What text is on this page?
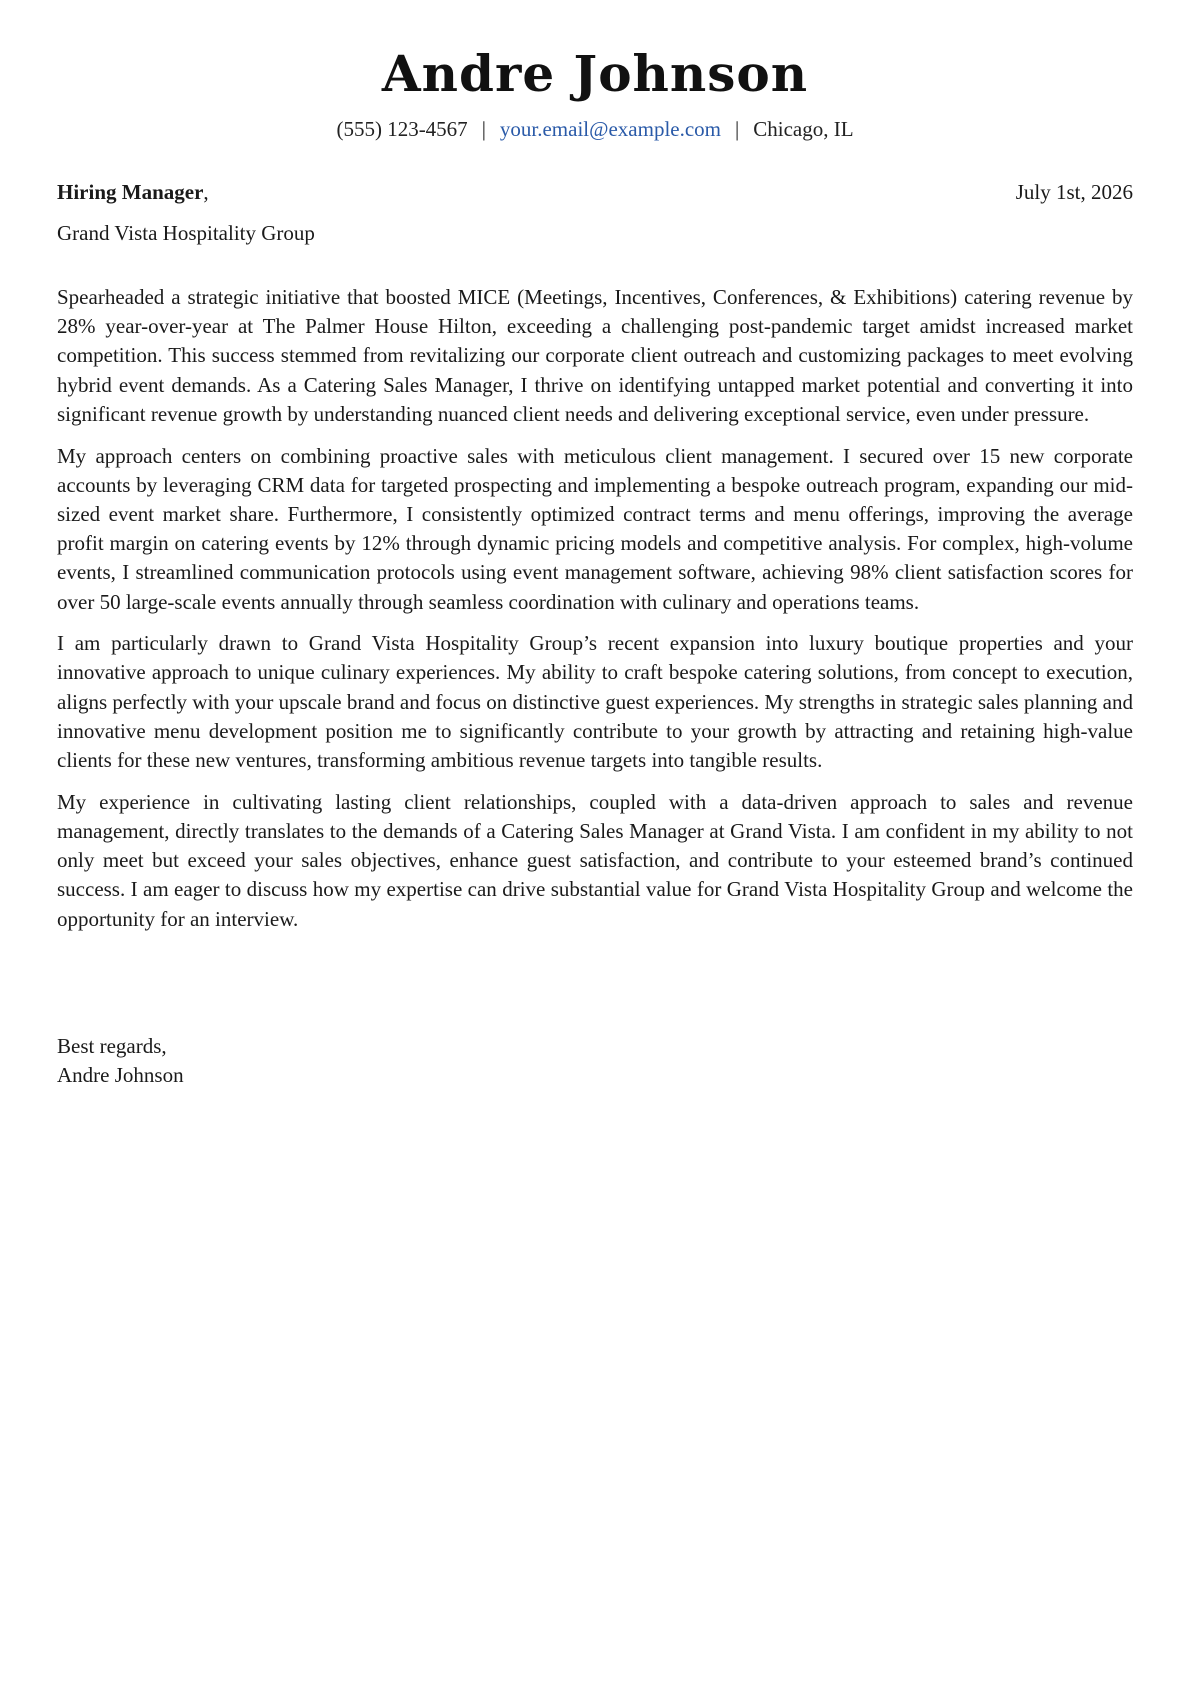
Andre Johnson
(555) 123-4567 | your.email@example.com | Chicago, IL
Hiring Manager,	July 1st, 2026
Grand Vista Hospitality Group

Spearheaded a strategic initiative that boosted MICE (Meetings, Incentives, Conferences, & Exhibitions) catering revenue by 28% year-over-year at The Palmer House Hilton, exceeding a challenging post-pandemic target amidst increased market competition. This success stemmed from revitalizing our corporate client outreach and customizing packages to meet evolving hybrid event demands. As a Catering Sales Manager, I thrive on identifying untapped market potential and converting it into significant revenue growth by understanding nuanced client needs and delivering exceptional service, even under pressure.

My approach centers on combining proactive sales with meticulous client management. I secured over 15 new corporate accounts by leveraging CRM data for targeted prospecting and implementing a bespoke outreach program, expanding our mid-sized event market share. Furthermore, I consistently optimized contract terms and menu offerings, improving the average profit margin on catering events by 12% through dynamic pricing models and competitive analysis. For complex, high-volume events, I streamlined communication protocols using event management software, achieving 98% client satisfaction scores for over 50 large-scale events annually through seamless coordination with culinary and operations teams.

I am particularly drawn to Grand Vista Hospitality Group’s recent expansion into luxury boutique properties and your innovative approach to unique culinary experiences. My ability to craft bespoke catering solutions, from concept to execution, aligns perfectly with your upscale brand and focus on distinctive guest experiences. My strengths in strategic sales planning and innovative menu development position me to significantly contribute to your growth by attracting and retaining high-value clients for these new ventures, transforming ambitious revenue targets into tangible results.

My experience in cultivating lasting client relationships, coupled with a data-driven approach to sales and revenue management, directly translates to the demands of a Catering Sales Manager at Grand Vista. I am confident in my ability to not only meet but exceed your sales objectives, enhance guest satisfaction, and contribute to your esteemed brand’s continued success. I am eager to discuss how my expertise can drive substantial value for Grand Vista Hospitality Group and welcome the opportunity for an interview.

Best regards,
Andre Johnson
